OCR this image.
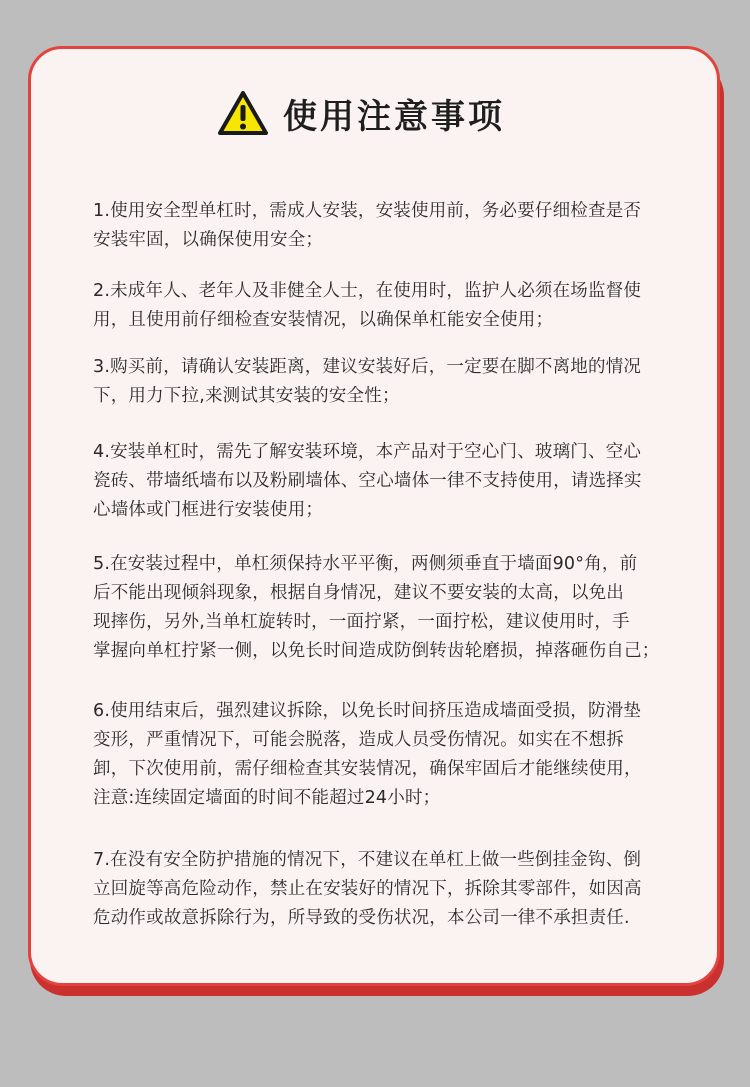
使用注意事项
1.使用安全型单杠时，需成人安装，安装使用前，务必要仔细检查是否
安装牢固，以确保使用安全；
2.未成年人、老年人及非健全人士，在使用时，监护人必须在场监督使
用，且使用前仔细检查安装情况，以确保单杠能安全使用；
3.购买前，请确认安装距离，建议安装好后，一定要在脚不离地的情况
下，用力下拉,来测试其安装的安全性；
4.安装单杠时，需先了解安装环境，本产品对于空心门、玻璃门、空心
瓷砖、带墙纸墙布以及粉刷墙体、空心墙体一律不支持使用，请选择实
心墙体或门框进行安装使用；
5.在安装过程中，单杠须保持水平平衡，两侧须垂直于墙面90°角，前
后不能出现倾斜现象，根据自身情况，建议不要安装的太高，以免出
现摔伤，另外,当单杠旋转时，一面拧紧，一面拧松，建议使用时，手
掌握向单杠拧紧一侧，以免长时间造成防倒转齿轮磨损，掉落砸伤自己；
6.使用结束后，强烈建议拆除，以免长时间挤压造成墙面受损，防滑垫
变形，严重情况下，可能会脱落，造成人员受伤情况。如实在不想拆
卸，下次使用前，需仔细检查其安装情况，确保牢固后才能继续使用，
注意:连续固定墙面的时间不能超过24小时；
7.在没有安全防护措施的情况下，不建议在单杠上做一些倒挂金钩、倒
立回旋等高危险动作，禁止在安装好的情况下，拆除其零部件，如因高
危动作或故意拆除行为，所导致的受伤状况，本公司一律不承担责任.
